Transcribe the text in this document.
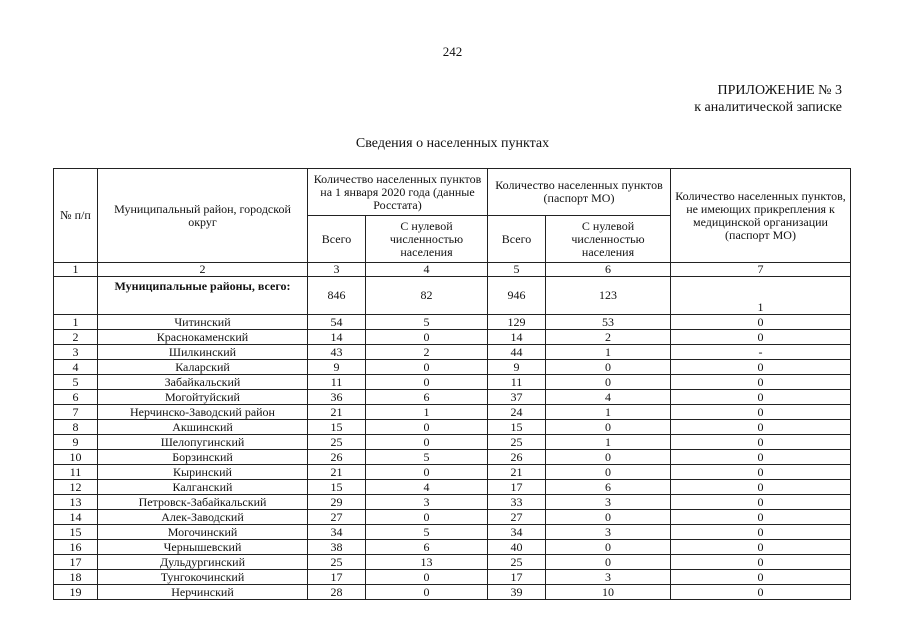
242
ПРИЛОЖЕНИЕ № 3
к аналитической записке
Сведения о населенных пунктах
№ п/п	Муниципальный район, городской округ	Количество населенных пунктов на 1 января 2020 года (данные Росстата)		Количество населенных пунктов (паспорт МО)		Количество населенных пунктов, не имеющих прикрепления к медицинской организации (паспорт МО)
		Всего	С нулевой численностью населения	Всего	С нулевой численностью населения	
1	2	3	4	5	6	7
	Муниципальные районы, всего:	846	82	946	123	1
1	Читинский	54	5	129	53	0
2	Краснокаменский	14	0	14	2	0
3	Шилкинский	43	2	44	1	-
4	Каларский	9	0	9	0	0
5	Забайкальский	11	0	11	0	0
6	Могойтуйский	36	6	37	4	0
7	Нерчинско-Заводский район	21	1	24	1	0
8	Акшинский	15	0	15	0	0
9	Шелопугинский	25	0	25	1	0
10	Борзинский	26	5	26	0	0
11	Кыринский	21	0	21	0	0
12	Калганский	15	4	17	6	0
13	Петровск-Забайкальский	29	3	33	3	0
14	Алек-Заводский	27	0	27	0	0
15	Могочинский	34	5	34	3	0
16	Чернышевский	38	6	40	0	0
17	Дульдургинский	25	13	25	0	0
18	Тунгокочинский	17	0	17	3	0
19	Нерчинский	28	0	39	10	0
